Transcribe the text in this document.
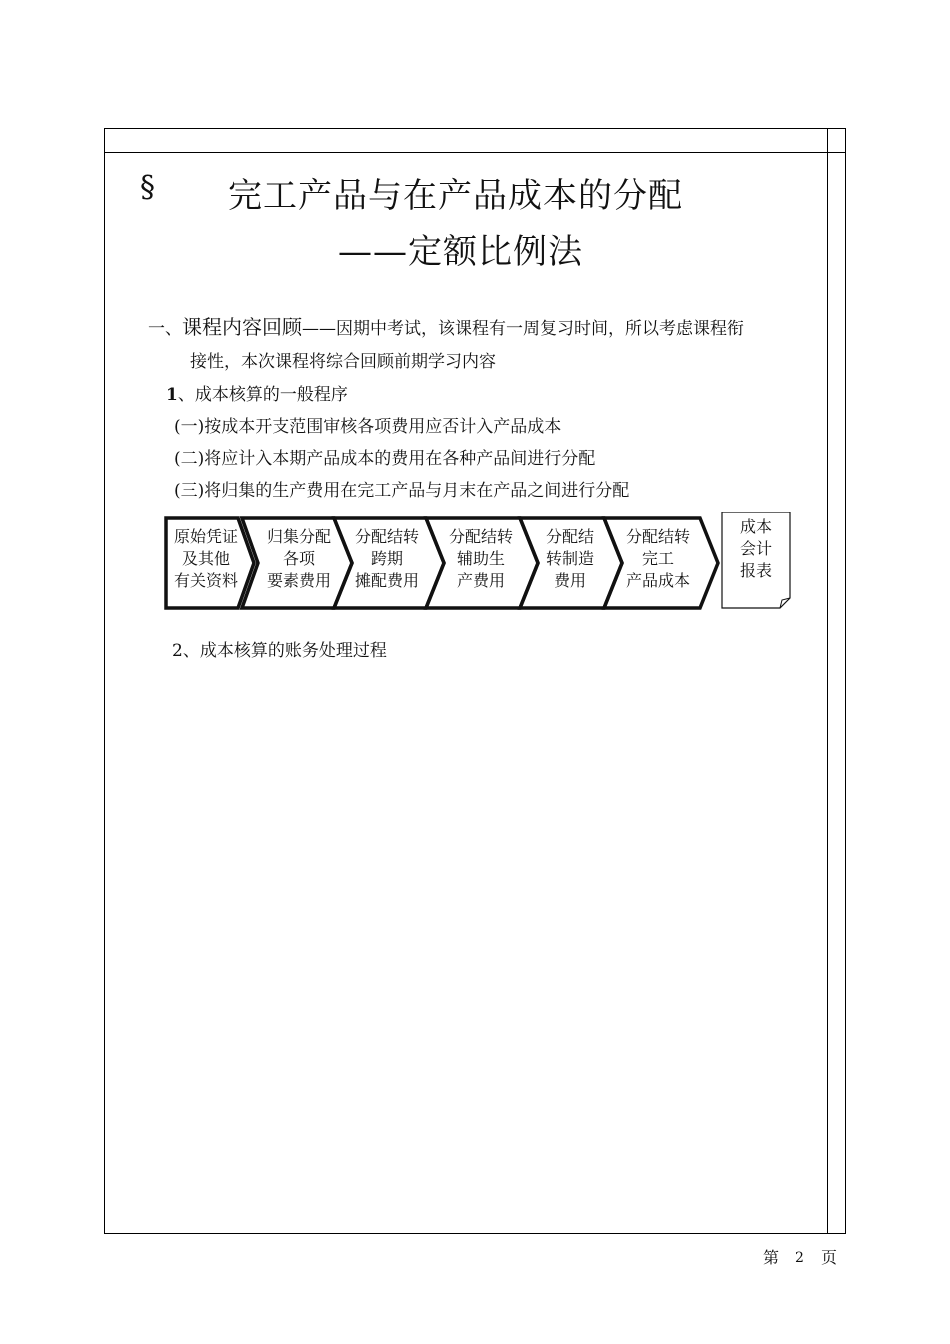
§ 完工产品与在产品成本的分配
——定额比例法
一、课程内容回顾——因期中考试，该课程有一周复习时间，所以考虑课程衔
接性，本次课程将综合回顾前期学习内容
1、成本核算的一般程序
(一)按成本开支范围审核各项费用应否计入产品成本
(二)将应计入本期产品成本的费用在各种产品间进行分配
(三)将归集的生产费用在完工产品与月末在产品之间进行分配
原始凭证
及其他
有关资料
归集分配
各项
要素费用
分配结转
跨期
摊配费用
分配结转
辅助生
产费用
分配结
转制造
费用
分配结转
完工
产品成本
成本
会计
报表
2、成本核算的账务处理过程
第 2 页
